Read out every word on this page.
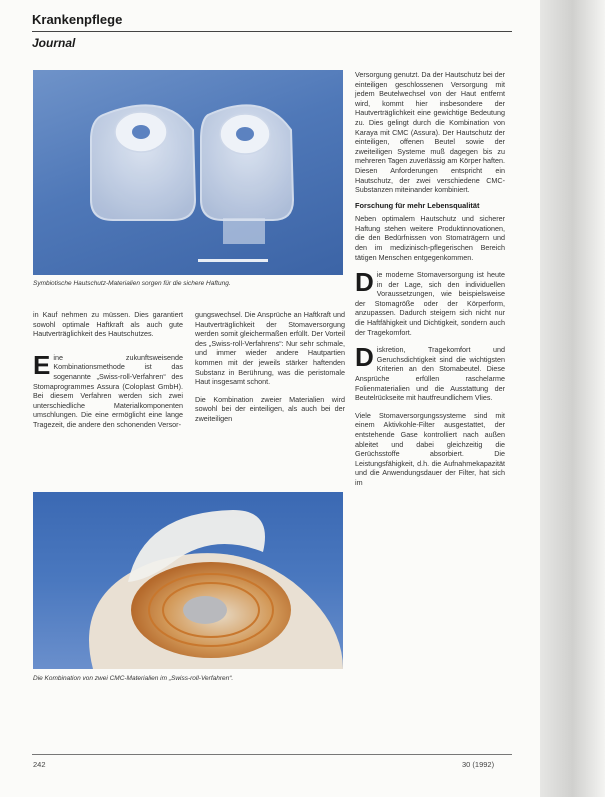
Krankenpflege
Journal
Symbiotische Hautschutz-Materialien sorgen für die sichere Haftung.

in Kauf nehmen zu müssen. Dies garantiert sowohl optimale Haftkraft als auch gute Hautverträglichkeit des Hautschutzes.

Eine zukunftsweisende Kombinationsmethode ist das sogenannte „Swiss-roll-Verfahren“ des Stomaprogrammes Assura (Coloplast GmbH). Bei diesem Verfahren werden sich zwei unterschiedliche Materialkomponenten umschlungen. Die eine ermöglicht eine lange Tragezeit, die andere den schonenden Versor-

gungswechsel. Die Ansprüche an Haftkraft und Hautverträglichkeit der Stomaversorgung werden somit gleichermaßen erfüllt. Der Vorteil des „Swiss-roll-Verfahrens“: Nur sehr schmale, und immer wieder andere Hautpartien kommen mit der jeweils stärker haftenden Substanz in Berührung, was die peristomale Haut insgesamt schont.

Die Kombination zweier Materialien wird sowohl bei der einteiligen, als auch bei der zweiteiligen

Die Kombination von zwei CMC-Materialien im „Swiss-roll-Verfahren“.

Versorgung genutzt. Da der Hautschutz bei der einteiligen geschlossenen Versorgung mit jedem Beutelwechsel von der Haut entfernt wird, kommt hier insbesondere der Hautverträglichkeit eine gewichtige Bedeutung zu. Dies gelingt durch die Kombination von Karaya mit CMC (Assura). Der Hautschutz der einteiligen, offenen Beutel sowie der zweiteiligen Systeme muß dagegen bis zu mehreren Tagen zuverlässig am Körper haften. Diesen Anforderungen entspricht ein Hautschutz, der zwei verschiedene CMC-Substanzen miteinander kombiniert.

Forschung für mehr Lebensqualität

Neben optimalem Hautschutz und sicherer Haftung stehen weitere Produktinnovationen, die den Bedürfnissen von Stomaträgern und den im medizinisch-pflegerischen Bereich tätigen Menschen entgegenkommen.

Die moderne Stomaversorgung ist heute in der Lage, sich den individuellen Voraussetzungen, wie beispielsweise der Stomagröße oder der Körperform, anzupassen. Dadurch steigern sich nicht nur die Haftfähigkeit und Dichtigkeit, sondern auch der Tragekomfort.

Diskretion, Tragekomfort und Geruchsdichtigkeit sind die wichtigsten Kriterien an den Stomabeutel. Diese Ansprüche erfüllen raschelarme Folienmaterialien und die Ausstattung der Beutelrückseite mit hautfreundlichem Vlies.

Viele Stomaversorgungssysteme sind mit einem Aktivkohle-Filter ausgestattet, der entstehende Gase kontrolliert nach außen ableitet und dabei gleichzeitig die Gerüchsstoffe absorbiert. Die Leistungsfähigkeit, d.h. die Aufnahmekapazität und die Anwendungsdauer der Filter, hat sich im

242	30 (1992)
